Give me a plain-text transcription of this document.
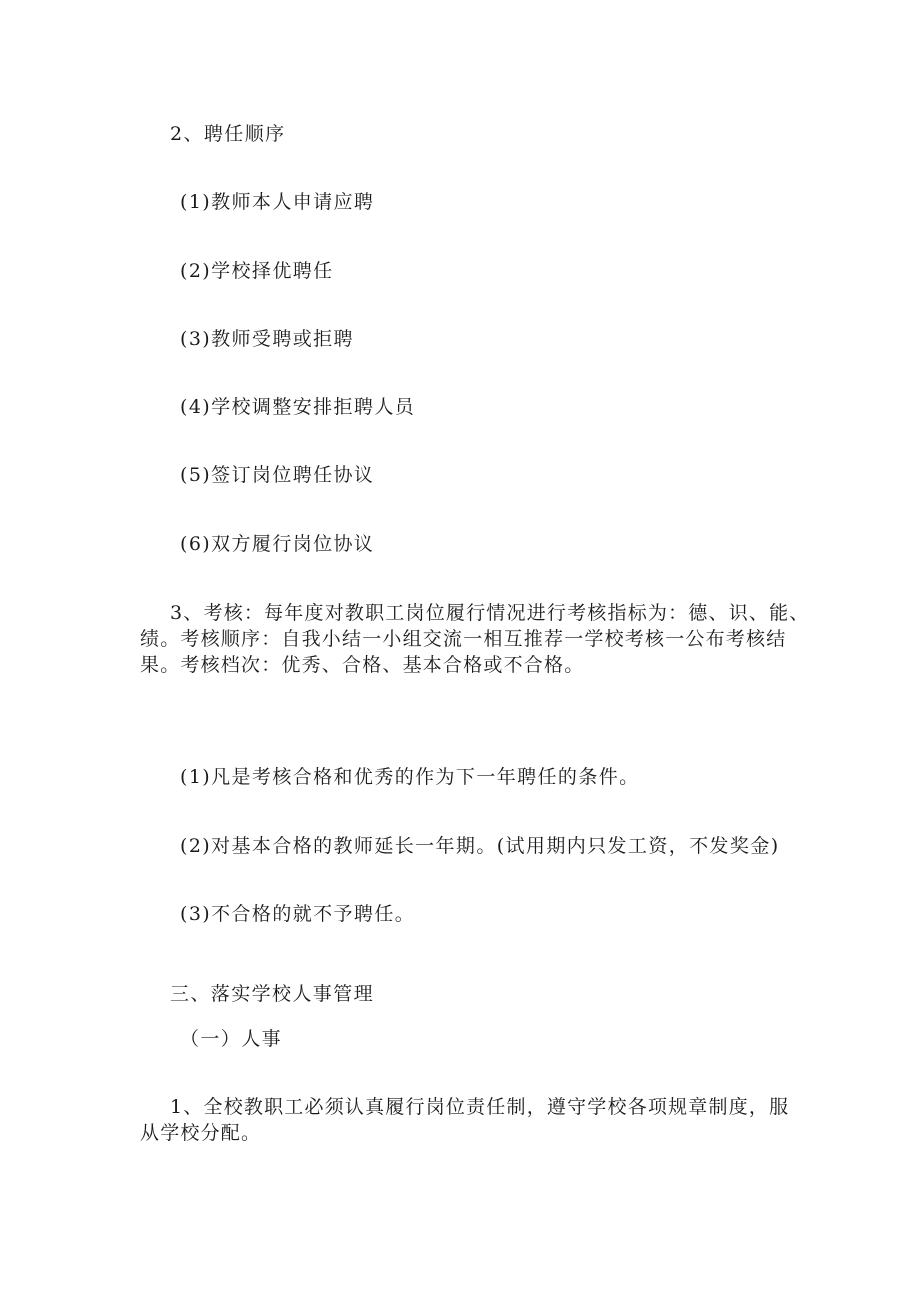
2、聘任顺序
(1)教师本人申请应聘
(2)学校择优聘任
(3)教师受聘或拒聘
(4)学校调整安排拒聘人员
(5)签订岗位聘任协议
(6)双方履行岗位协议
3、考核：每年度对教职工岗位履行情况进行考核指标为：德、识、能、
绩。考核顺序：自我小结一小组交流一相互推荐一学校考核一公布考核结
果。考核档次：优秀、合格、基本合格或不合格。
(1)凡是考核合格和优秀的作为下一年聘任的条件。
(2)对基本合格的教师延长一年期。(试用期内只发工资，不发奖金)
(3)不合格的就不予聘任。
三、落实学校人事管理
（一）人事
1、全校教职工必须认真履行岗位责任制，遵守学校各项规章制度，服
从学校分配。
